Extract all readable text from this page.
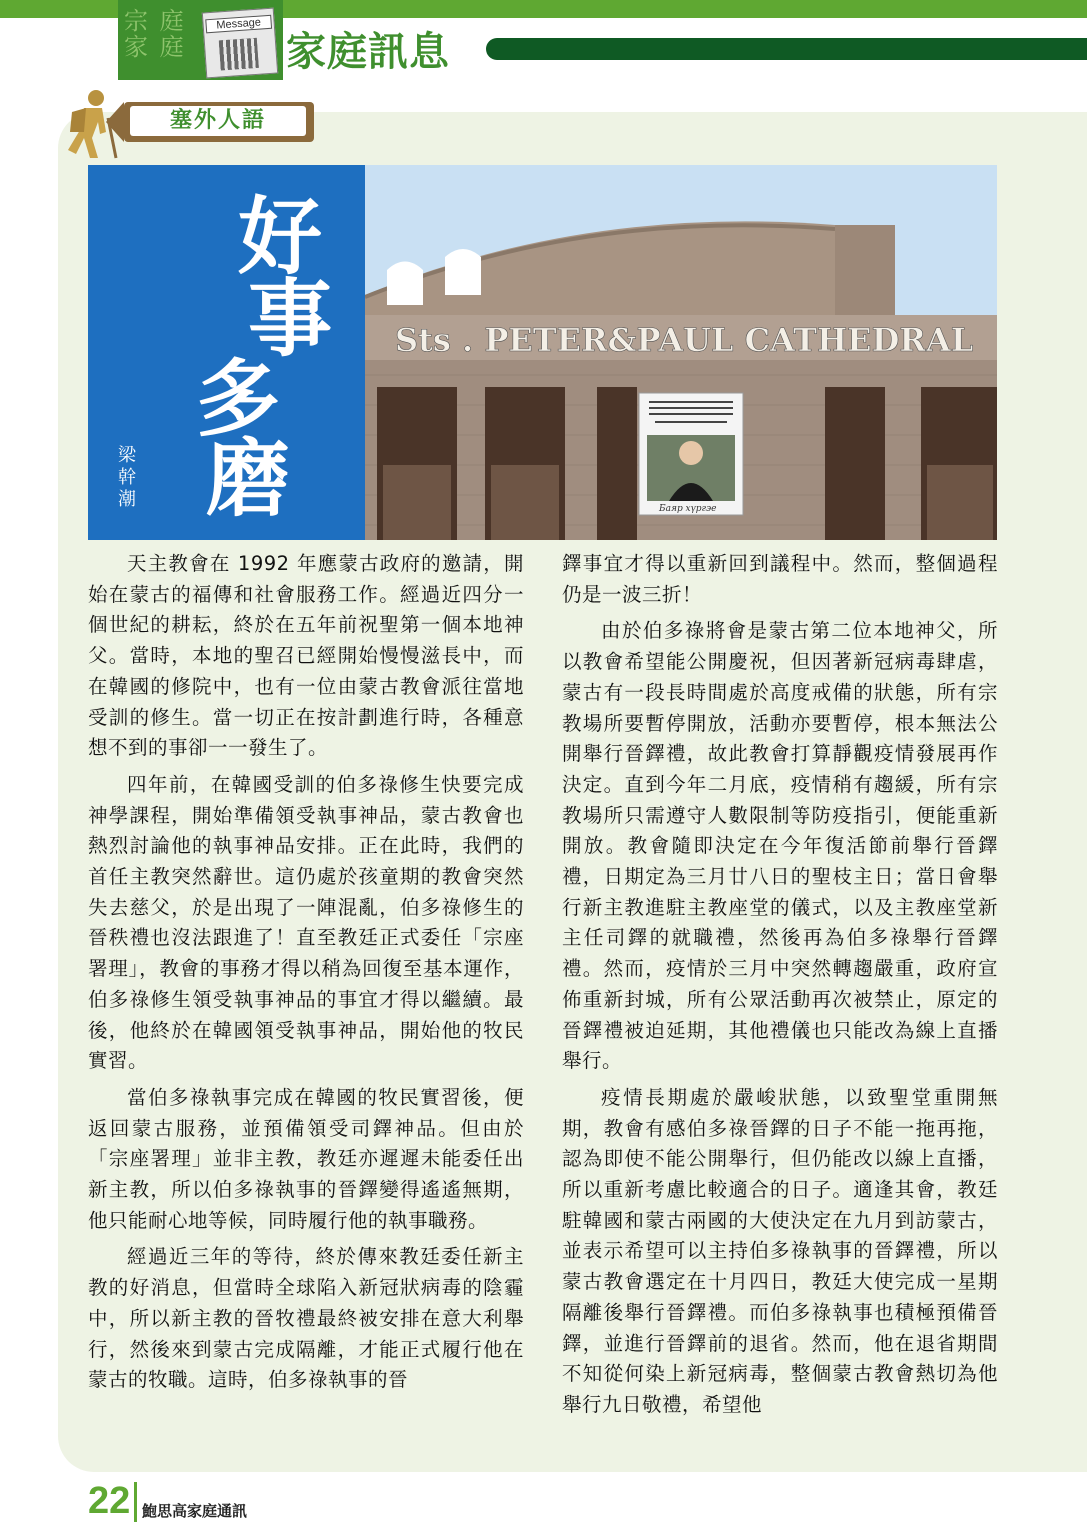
宗 庭
家 庭
Message
家庭訊息
塞外人語
好
事
多
磨
梁幹潮
Sts . PETER&PAUL CATHEDRAL
Баяр хүргэе

天主教會在 1992 年應蒙古政府的邀請，開始在蒙古的福傳和社會服務工作。經過近四分一個世紀的耕耘，終於在五年前祝聖第一個本地神父。當時，本地的聖召已經開始慢慢滋長中，而在韓國的修院中，也有一位由蒙古教會派往當地受訓的修生。當一切正在按計劃進行時，各種意想不到的事卻一一發生了。

四年前，在韓國受訓的伯多祿修生快要完成神學課程，開始準備領受執事神品，蒙古教會也熱烈討論他的執事神品安排。正在此時，我們的首任主教突然辭世。這仍處於孩童期的教會突然失去慈父，於是出現了一陣混亂，伯多祿修生的晉秩禮也沒法跟進了！直至教廷正式委任「宗座署理」，教會的事務才得以稍為回復至基本運作，伯多祿修生領受執事神品的事宜才得以繼續。最後，他終於在韓國領受執事神品，開始他的牧民實習。

當伯多祿執事完成在韓國的牧民實習後，便返回蒙古服務，並預備領受司鐸神品。但由於「宗座署理」並非主教，教廷亦遲遲未能委任出新主教，所以伯多祿執事的晉鐸變得遙遙無期，他只能耐心地等候，同時履行他的執事職務。

經過近三年的等待，終於傳來教廷委任新主教的好消息，但當時全球陷入新冠狀病毒的陰霾中，所以新主教的晉牧禮最終被安排在意大利舉行，然後來到蒙古完成隔離，才能正式履行他在蒙古的牧職。這時，伯多祿執事的晉

鐸事宜才得以重新回到議程中。然而，整個過程仍是一波三折！

由於伯多祿將會是蒙古第二位本地神父，所以教會希望能公開慶祝，但因著新冠病毒肆虐，蒙古有一段長時間處於高度戒備的狀態，所有宗教場所要暫停開放，活動亦要暫停，根本無法公開舉行晉鐸禮，故此教會打算靜觀疫情發展再作決定。直到今年二月底，疫情稍有趨緩，所有宗教場所只需遵守人數限制等防疫指引，便能重新開放。教會隨即決定在今年復活節前舉行晉鐸禮，日期定為三月廿八日的聖枝主日；當日會舉行新主教進駐主教座堂的儀式，以及主教座堂新主任司鐸的就職禮，然後再為伯多祿舉行晉鐸禮。然而，疫情於三月中突然轉趨嚴重，政府宣佈重新封城，所有公眾活動再次被禁止，原定的晉鐸禮被迫延期，其他禮儀也只能改為線上直播舉行。

疫情長期處於嚴峻狀態，以致聖堂重開無期，教會有感伯多祿晉鐸的日子不能一拖再拖，認為即使不能公開舉行，但仍能改以線上直播，所以重新考慮比較適合的日子。適逢其會，教廷駐韓國和蒙古兩國的大使決定在九月到訪蒙古，並表示希望可以主持伯多祿執事的晉鐸禮，所以蒙古教會選定在十月四日，教廷大使完成一星期隔離後舉行晉鐸禮。而伯多祿執事也積極預備晉鐸，並進行晉鐸前的退省。然而，他在退省期間不知從何染上新冠病毒，整個蒙古教會熱切為他舉行九日敬禮，希望他

22 鮑思高家庭通訊
